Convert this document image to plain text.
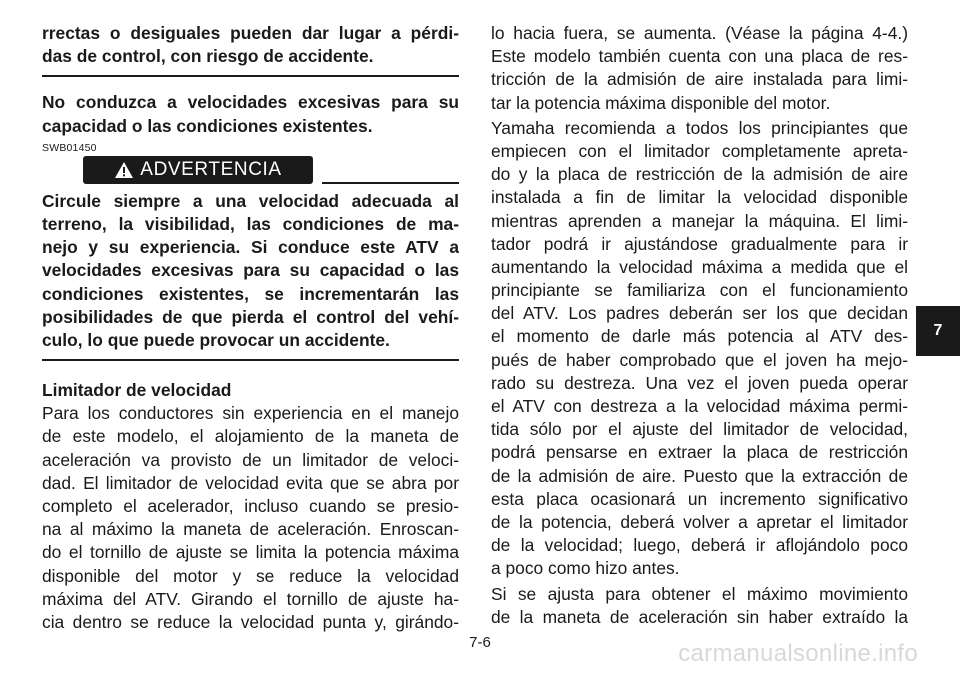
rrectas o desiguales pueden dar lugar a pérdi-
das de control, con riesgo de accidente.
No conduzca a velocidades excesivas para su
capacidad o las condiciones existentes.
SWB01450
ADVERTENCIA
Circule siempre a una velocidad adecuada al
terreno, la visibilidad, las condiciones de ma-
nejo y su experiencia. Si conduce este ATV a
velocidades excesivas para su capacidad o las
condiciones existentes, se incrementarán las
posibilidades de que pierda el control del vehí-
culo, lo que puede provocar un accidente.
Limitador de velocidad
Para los conductores sin experiencia en el manejo
de este modelo, el alojamiento de la maneta de
aceleración va provisto de un limitador de veloci-
dad. El limitador de velocidad evita que se abra por
completo el acelerador, incluso cuando se presio-
na al máximo la maneta de aceleración. Enroscan-
do el tornillo de ajuste se limita la potencia máxima
disponible del motor y se reduce la velocidad
máxima del ATV. Girando el tornillo de ajuste ha-
cia dentro se reduce la velocidad punta y, girándo-
lo hacia fuera, se aumenta. (Véase la página 4-4.)
Este modelo también cuenta con una placa de res-
tricción de la admisión de aire instalada para limi-
tar la potencia máxima disponible del motor.
Yamaha recomienda a todos los principiantes que
empiecen con el limitador completamente apreta-
do y la placa de restricción de la admisión de aire
instalada a fin de limitar la velocidad disponible
mientras aprenden a manejar la máquina. El limi-
tador podrá ir ajustándose gradualmente para ir
aumentando la velocidad máxima a medida que el
principiante se familiariza con el funcionamiento
del ATV. Los padres deberán ser los que decidan
el momento de darle más potencia al ATV des-
pués de haber comprobado que el joven ha mejo-
rado su destreza. Una vez el joven pueda operar
el ATV con destreza a la velocidad máxima permi-
tida sólo por el ajuste del limitador de velocidad,
podrá pensarse en extraer la placa de restricción
de la admisión de aire. Puesto que la extracción de
esta placa ocasionará un incremento significativo
de la potencia, deberá volver a apretar el limitador
de la velocidad; luego, deberá ir aflojándolo poco
a poco como hizo antes.
Si se ajusta para obtener el máximo movimiento
de la maneta de aceleración sin haber extraído la
7
7-6	carmanualsonline.info
